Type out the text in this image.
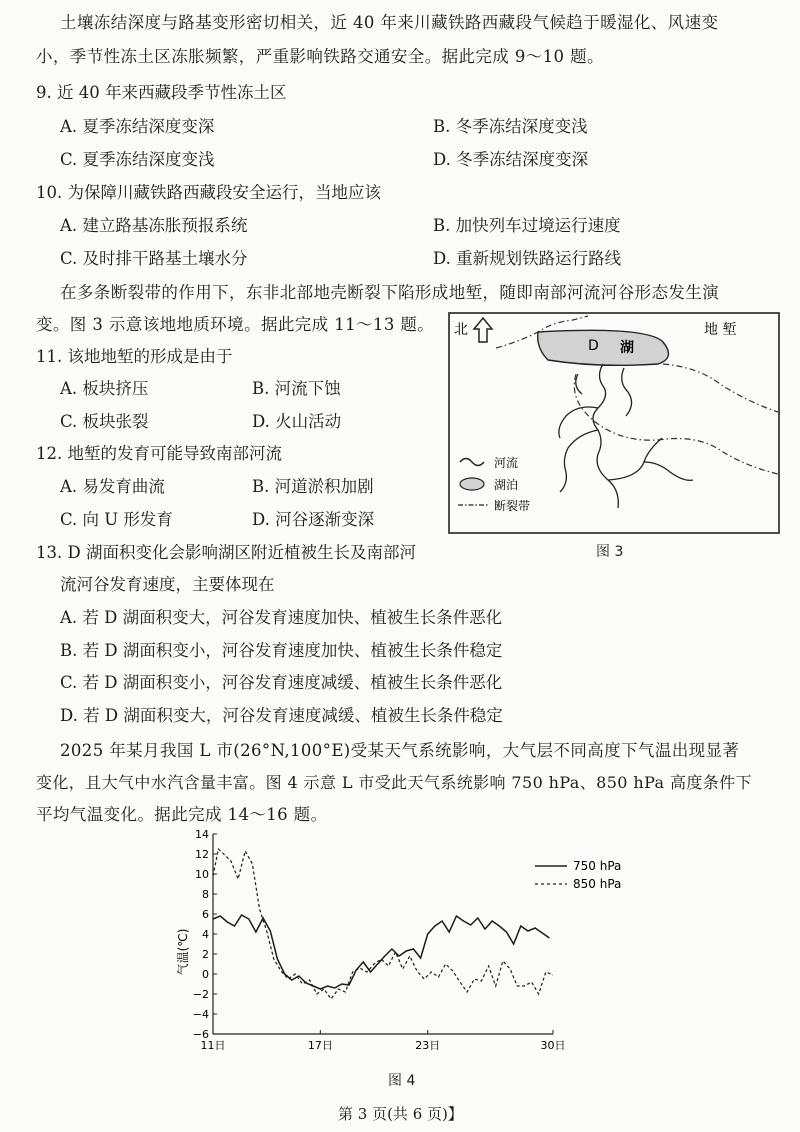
土壤冻结深度与路基变形密切相关，近 40 年来川藏铁路西藏段气候趋于暖湿化、风速变
小，季节性冻土区冻胀频繁，严重影响铁路交通安全。据此完成 9～10 题。
9. 近 40 年来西藏段季节性冻土区
A. 夏季冻结深度变深	B. 冬季冻结深度变浅
C. 夏季冻结深度变浅	D. 冬季冻结深度变深
10. 为保障川藏铁路西藏段安全运行，当地应该
A. 建立路基冻胀预报系统	B. 加快列车过境运行速度
C. 及时排干路基土壤水分	D. 重新规划铁路运行路线
在多条断裂带的作用下，东非北部地壳断裂下陷形成地堑，随即南部河流河谷形态发生演
变。图 3 示意该地地质环境。据此完成 11～13 题。
11. 该地地堑的形成是由于
A. 板块挤压	B. 河流下蚀
C. 板块张裂	D. 火山活动
12. 地堑的发育可能导致南部河流
A. 易发育曲流	B. 河道淤积加剧
C. 向 U 形发育	D. 河谷逐渐变深
13. D 湖面积变化会影响湖区附近植被生长及南部河
流河谷发育速度，主要体现在
A. 若 D 湖面积变大，河谷发育速度加快、植被生长条件恶化
B. 若 D 湖面积变小，河谷发育速度加快、植被生长条件稳定
C. 若 D 湖面积变小，河谷发育速度减缓、植被生长条件恶化
D. 若 D 湖面积变大，河谷发育速度减缓、植被生长条件稳定
2025 年某月我国 L 市(26°N,100°E)受某天气系统影响，大气层不同高度下气温出现显著
变化，且大气中水汽含量丰富。图 4 示意 L 市受此天气系统影响 750 hPa、850 hPa 高度条件下
平均气温变化。据此完成 14～16 题。
北	地 堑
D 湖
河流
湖泊
断裂带
图 3
14
12
10
8
6
4
2
0
−2
−4
−6
11日	17日	23日	30日
气温(℃)
750 hPa
850 hPa
图 4
第 3 页(共 6 页)】
